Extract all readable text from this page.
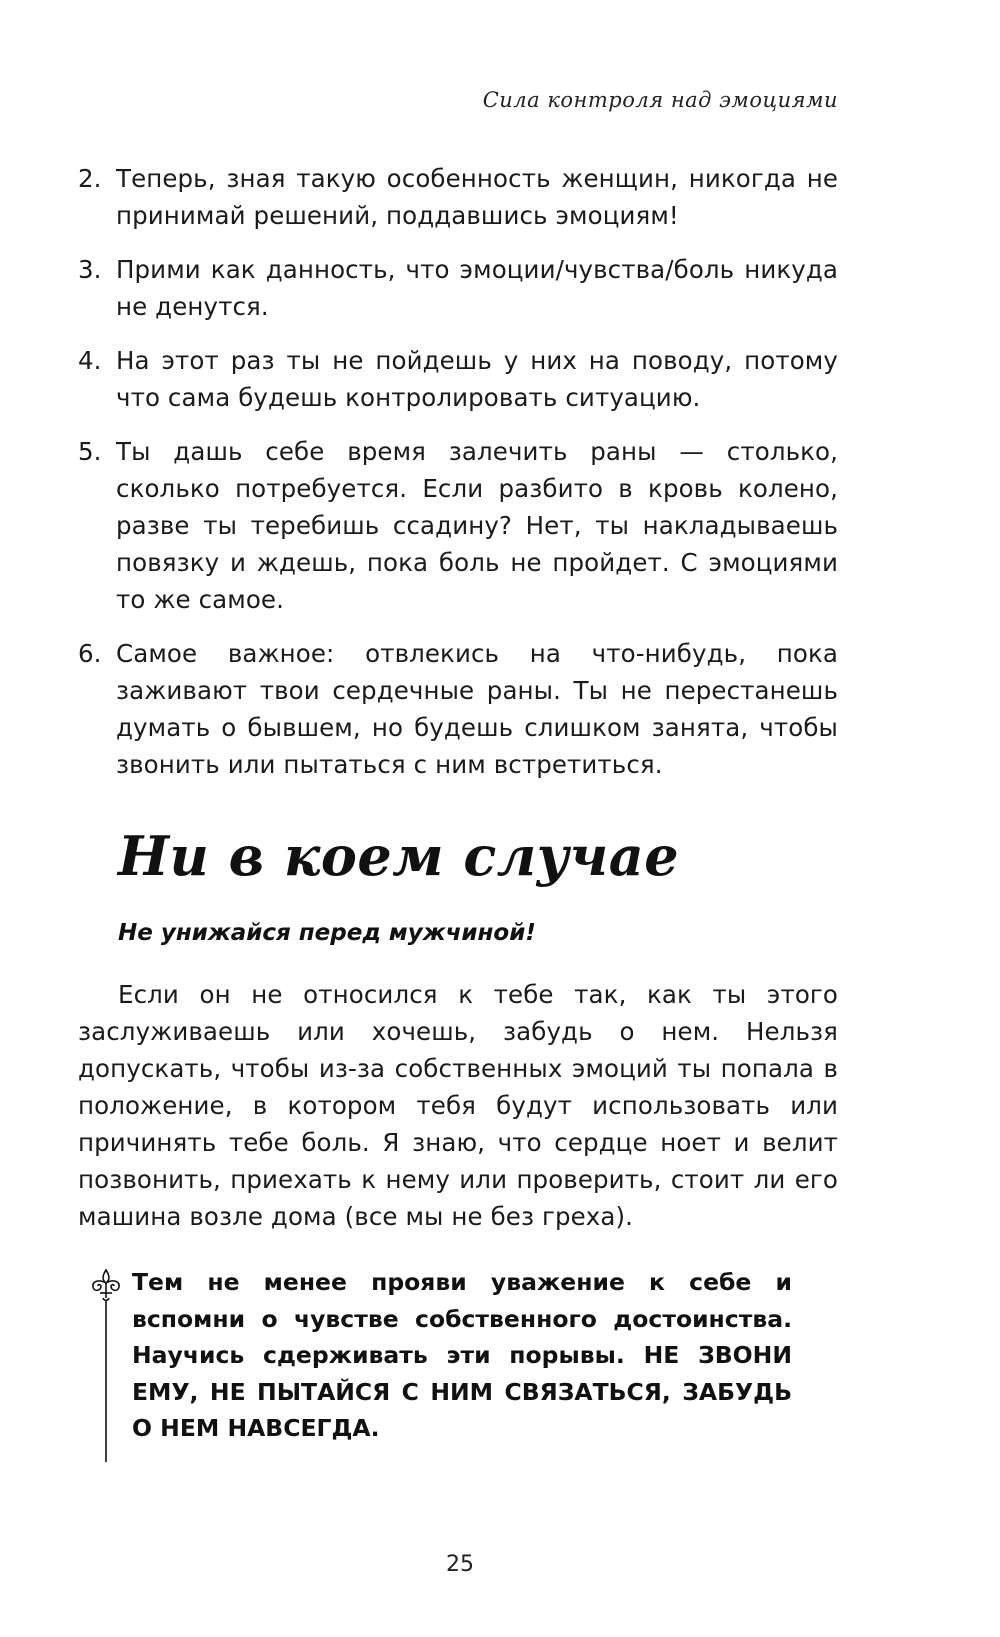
Сила контроля над эмоциями
2. Теперь, зная такую особенность женщин, никогда не принимай решений, поддавшись эмоциям!
3. Прими как данность, что эмоции/чувства/боль никуда не денутся.
4. На этот раз ты не пойдешь у них на поводу, потому что сама будешь контролировать ситуацию.
5. Ты дашь себе время залечить раны — столько, сколько потребуется. Если разбито в кровь колено, разве ты теребишь ссадину? Нет, ты накладываешь повязку и ждешь, пока боль не пройдет. С эмоциями то же самое.
6. Самое важное: отвлекись на что-нибудь, пока заживают твои сердечные раны. Ты не перестанешь думать о бывшем, но будешь слишком занята, чтобы звонить или пытаться с ним встретиться.
Ни в коем случае
Не унижайся перед мужчиной!

Если он не относился к тебе так, как ты этого заслуживаешь или хочешь, забудь о нем. Нельзя допускать, чтобы из-за собственных эмоций ты попала в положение, в котором тебя будут использовать или причинять тебе боль. Я знаю, что сердце ноет и велит позвонить, приехать к нему или проверить, стоит ли его машина возле дома (все мы не без греха).

Тем не менее прояви уважение к себе и вспомни о чувстве собственного достоинства. Научись сдерживать эти порывы. НЕ ЗВОНИ ЕМУ, НЕ ПЫТАЙСЯ С НИМ СВЯЗАТЬСЯ, ЗАБУДЬ О НЕМ НАВСЕГДА.

25
